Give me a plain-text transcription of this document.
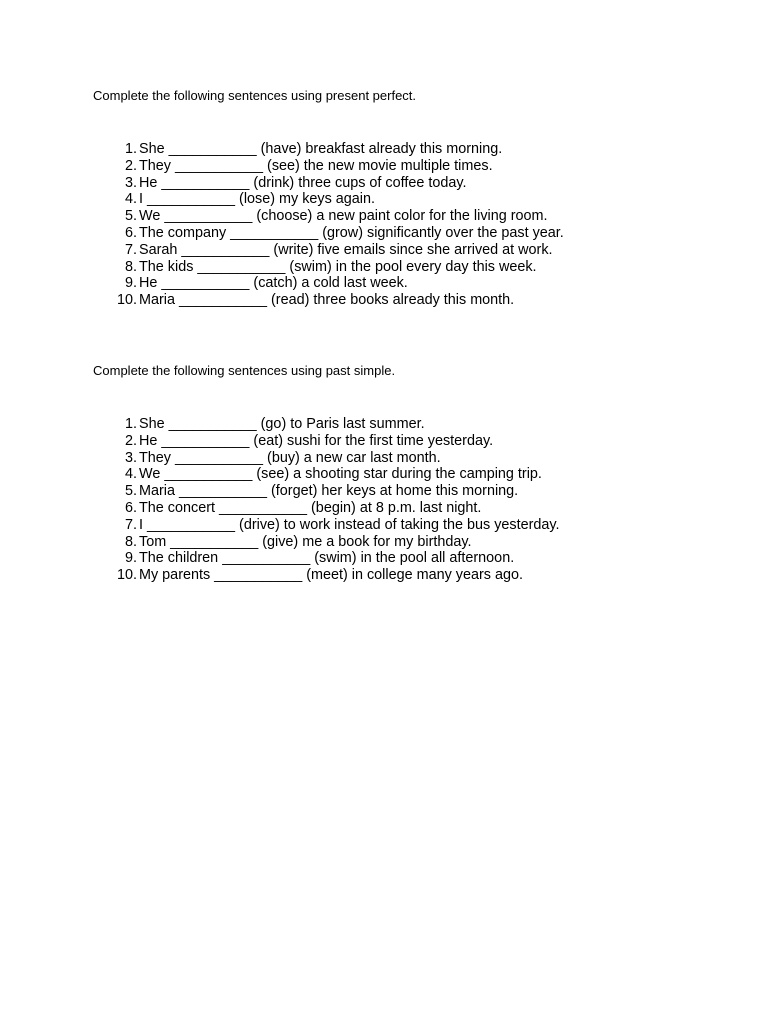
Complete the following sentences using present perfect.

1. She ___________ (have) breakfast already this morning.
2. They ___________ (see) the new movie multiple times.
3. He ___________ (drink) three cups of coffee today.
4. I ___________ (lose) my keys again.
5. We ___________ (choose) a new paint color for the living room.
6. The company ___________ (grow) significantly over the past year.
7. Sarah ___________ (write) five emails since she arrived at work.
8. The kids ___________ (swim) in the pool every day this week.
9. He ___________ (catch) a cold last week.
10. Maria ___________ (read) three books already this month.

Complete the following sentences using past simple.

1. She ___________ (go) to Paris last summer.
2. He ___________ (eat) sushi for the first time yesterday.
3. They ___________ (buy) a new car last month.
4. We ___________ (see) a shooting star during the camping trip.
5. Maria ___________ (forget) her keys at home this morning.
6. The concert ___________ (begin) at 8 p.m. last night.
7. I ___________ (drive) to work instead of taking the bus yesterday.
8. Tom ___________ (give) me a book for my birthday.
9. The children ___________ (swim) in the pool all afternoon.
10. My parents ___________ (meet) in college many years ago.
